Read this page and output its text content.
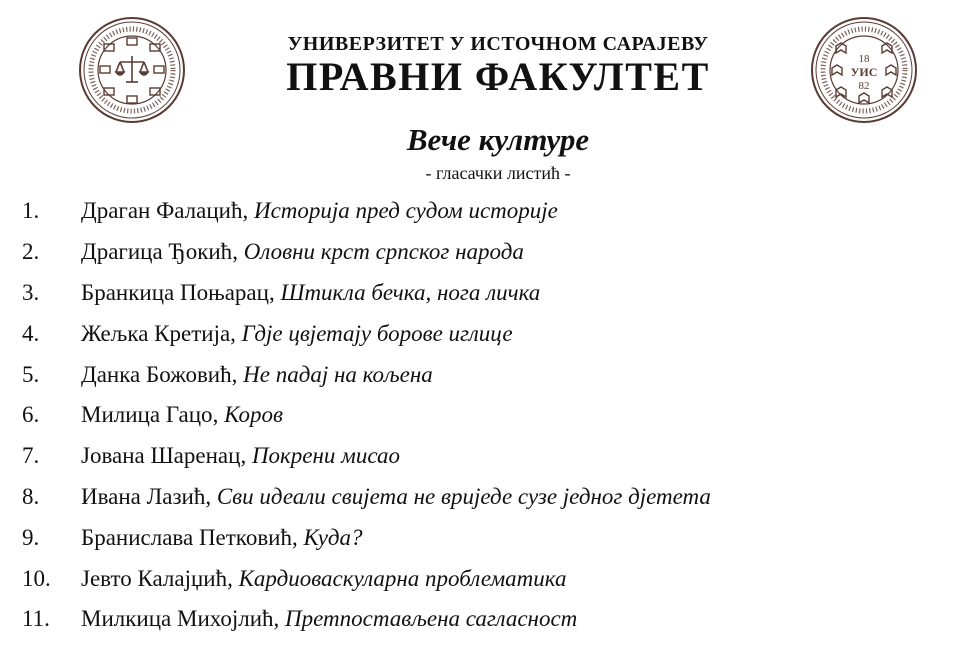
18
УИС
82
УНИВЕРЗИТЕТ У ИСТОЧНОМ САРАЈЕВУ
ПРАВНИ ФАКУЛТЕТ
Вече културе
- гласачки листић -
1.	Драган Фалацић , Историја пред судом историје
2.	Драгица Ђокић , Оловни крст српског народа
3.	Бранкица Поњарац , Штикла бечка, нога личка
4.	Жељка Кретија , Гдје цвјетају борове иглице
5.	Данка Божовић , Не падај на кољена
6.	Милица Гацо , Коров
7.	Јована Шаренац , Покрени мисао
8.	Ивана Лазић , Сви идеали свијета не вриједе сузе једног дјетета
9.	Бранислава Петковић , Куда?
10.	Јевто Калајџић , Кардиоваскуларна проблематика
11.	Милкица Михојлић , Претпостављена сагласност
